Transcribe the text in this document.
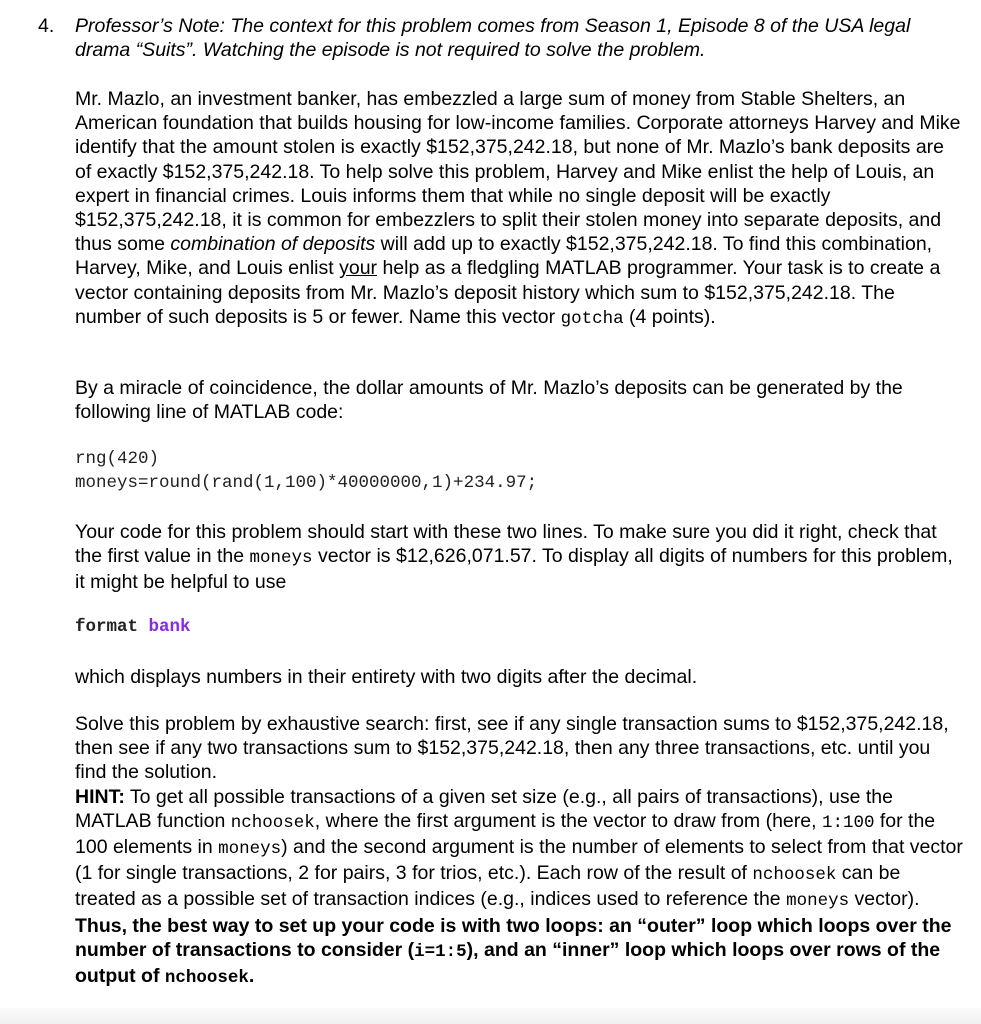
4. Professor’s Note: The context for this problem comes from Season 1, Episode 8 of the USA legal drama “Suits”. Watching the episode is not required to solve the problem.
Mr. Mazlo, an investment banker, has embezzled a large sum of money from Stable Shelters, an American foundation that builds housing for low-income families. Corporate attorneys Harvey and Mike identify that the amount stolen is exactly $152,375,242.18, but none of Mr. Mazlo’s bank deposits are of exactly $152,375,242.18. To help solve this problem, Harvey and Mike enlist the help of Louis, an expert in financial crimes. Louis informs them that while no single deposit will be exactly $152,375,242.18, it is common for embezzlers to split their stolen money into separate deposits, and thus some combination of deposits will add up to exactly $152,375,242.18. To find this combination, Harvey, Mike, and Louis enlist your help as a fledgling MATLAB programmer. Your task is to create a vector containing deposits from Mr. Mazlo’s deposit history which sum to $152,375,242.18. The number of such deposits is 5 or fewer. Name this vector gotcha (4 points).
By a miracle of coincidence, the dollar amounts of Mr. Mazlo’s deposits can be generated by the following line of MATLAB code:
rng(420)
moneys=round(rand(1,100)*40000000,1)+234.97;
Your code for this problem should start with these two lines. To make sure you did it right, check that the first value in the moneys vector is $12,626,071.57. To display all digits of numbers for this problem, it might be helpful to use
format bank
which displays numbers in their entirety with two digits after the decimal.
Solve this problem by exhaustive search: first, see if any single transaction sums to $152,375,242.18, then see if any two transactions sum to $152,375,242.18, then any three transactions, etc. until you find the solution.
HINT: To get all possible transactions of a given set size (e.g., all pairs of transactions), use the MATLAB function nchoosek, where the first argument is the vector to draw from (here, 1:100 for the 100 elements in moneys) and the second argument is the number of elements to select from that vector (1 for single transactions, 2 for pairs, 3 for trios, etc.). Each row of the result of nchoosek can be treated as a possible set of transaction indices (e.g., indices used to reference the moneys vector). Thus, the best way to set up your code is with two loops: an “outer” loop which loops over the number of transactions to consider (i=1:5), and an “inner” loop which loops over rows of the output of nchoosek.
